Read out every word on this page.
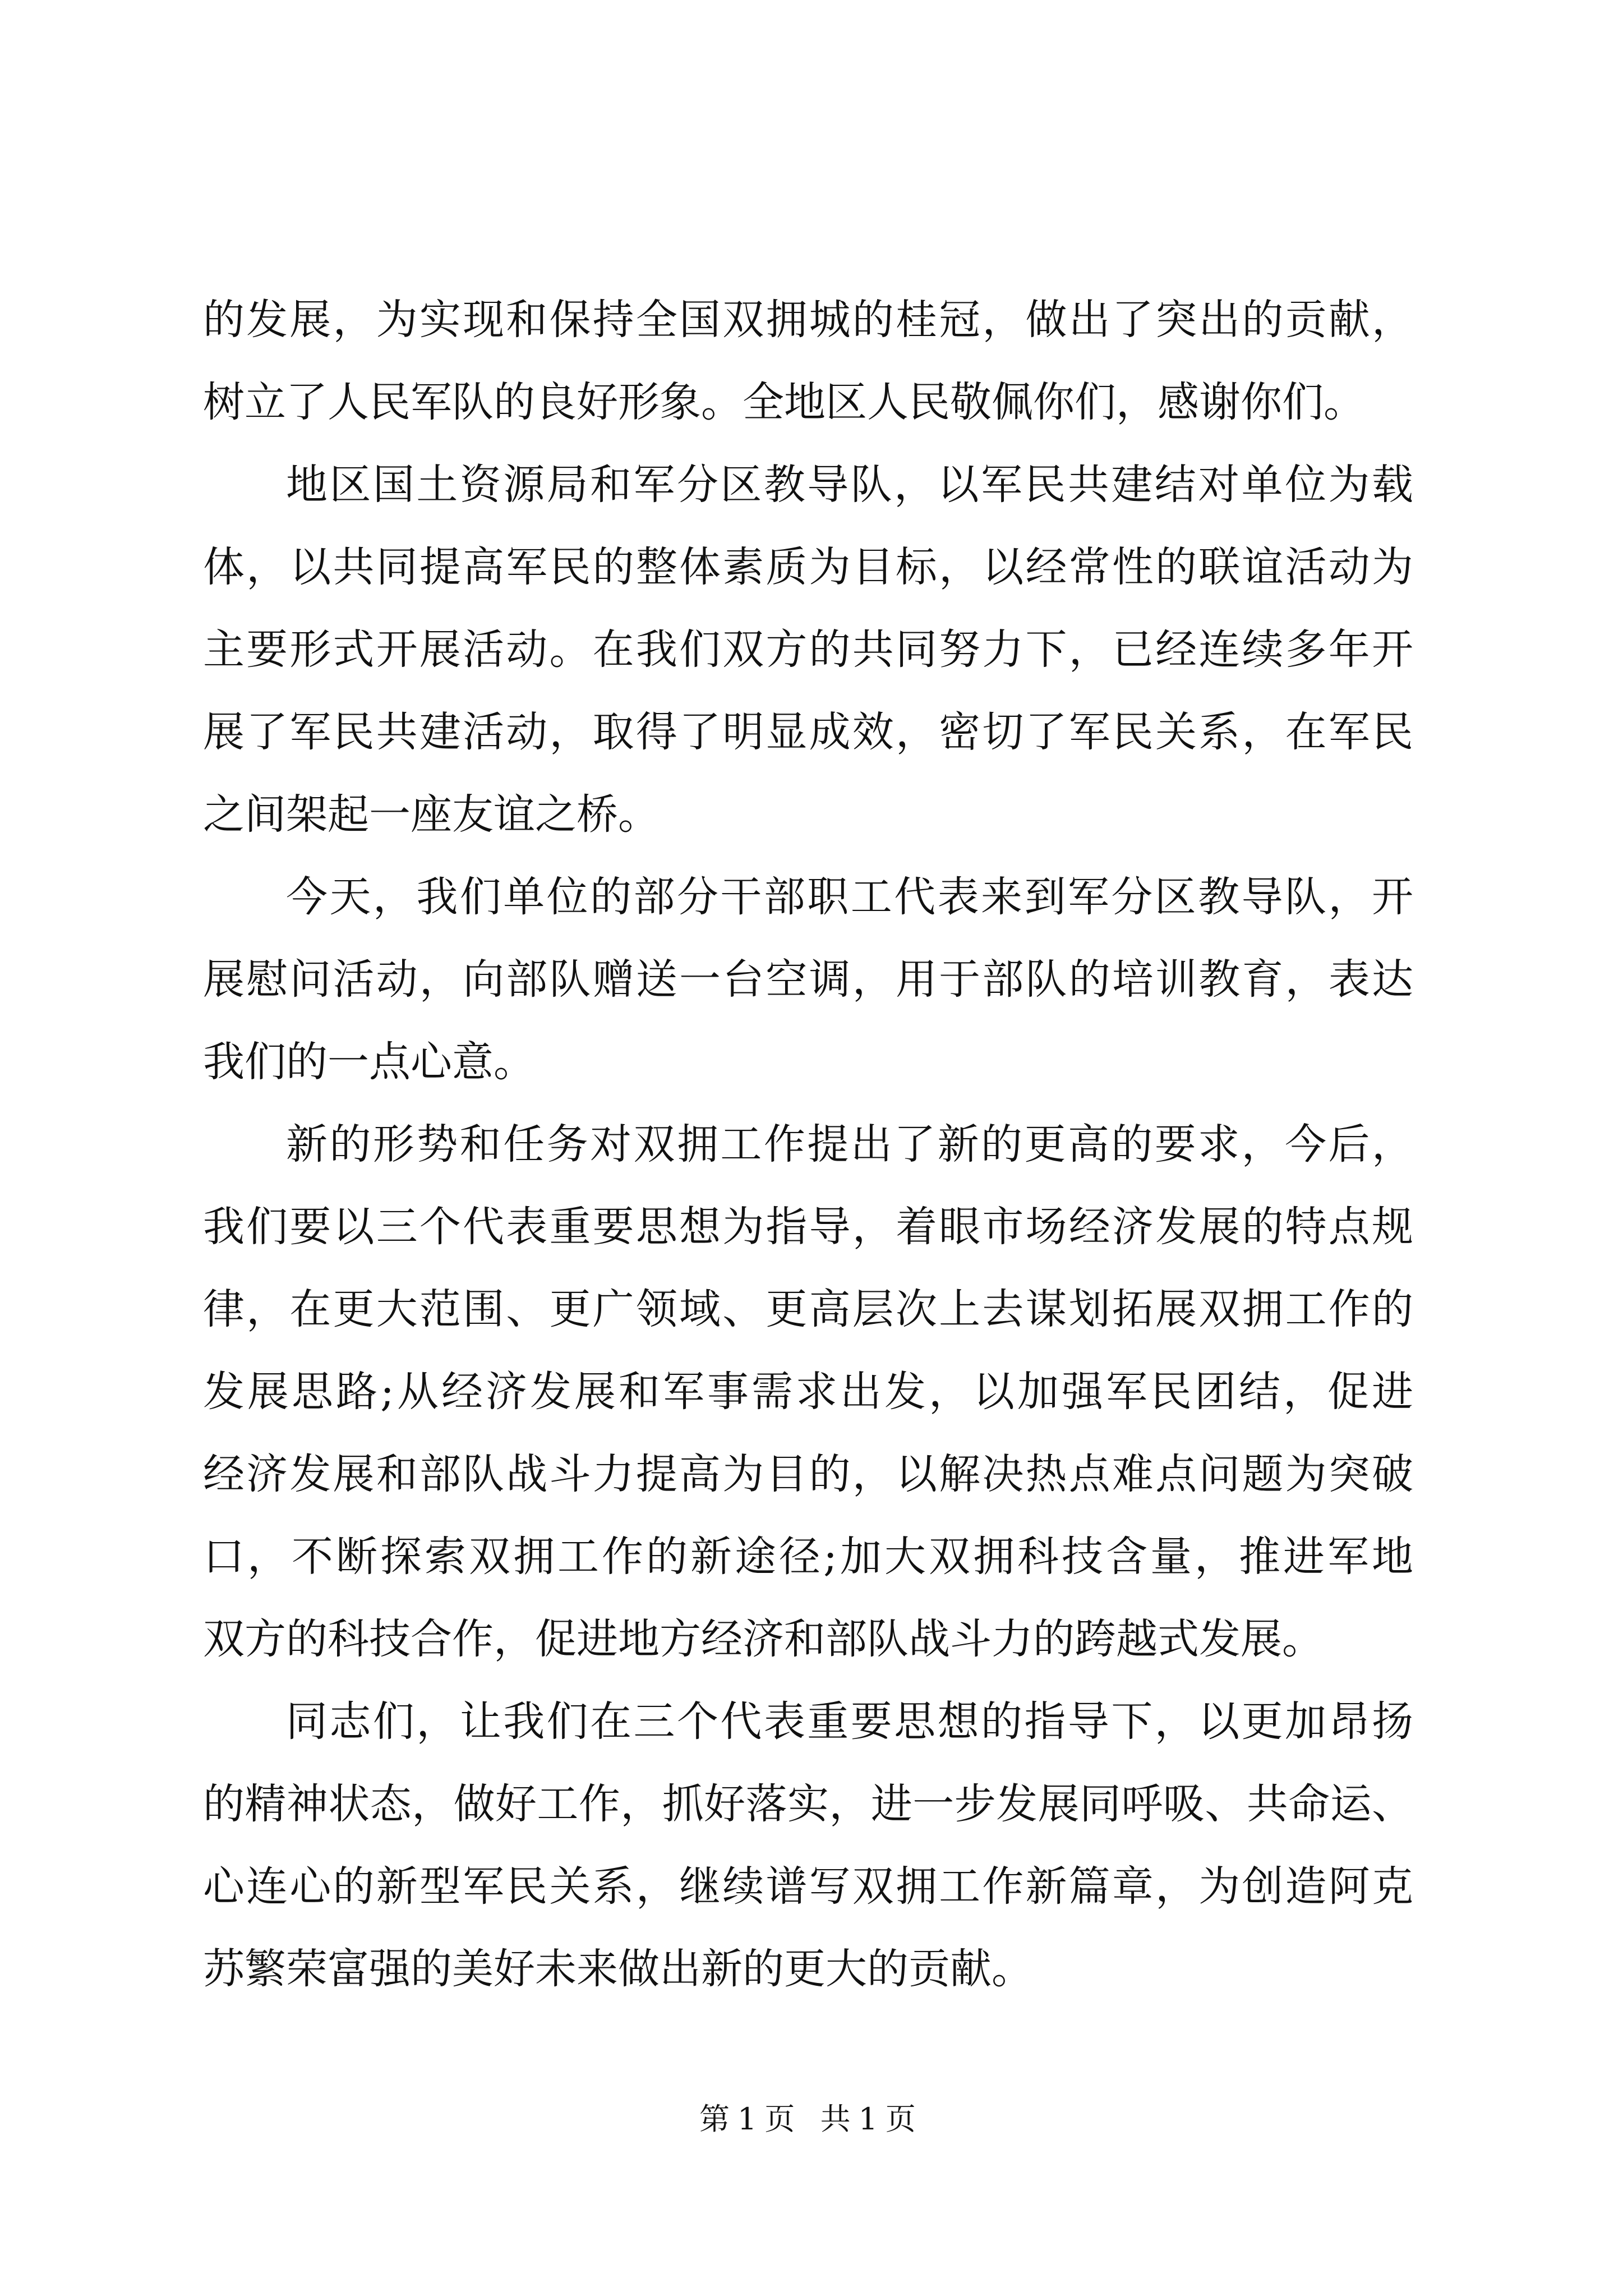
的发展，为实现和保持全国双拥城的桂冠，做出了突出的贡献，
树立了人民军队的良好形象。全地区人民敬佩你们，感谢你们。
地区国土资源局和军分区教导队，以军民共建结对单位为载
体，以共同提高军民的整体素质为目标，以经常性的联谊活动为
主要形式开展活动。在我们双方的共同努力下，已经连续多年开
展了军民共建活动，取得了明显成效，密切了军民关系，在军民
之间架起一座友谊之桥。
今天，我们单位的部分干部职工代表来到军分区教导队，开
展慰问活动，向部队赠送一台空调，用于部队的培训教育，表达
我们的一点心意。
新的形势和任务对双拥工作提出了新的更高的要求，今后，
我们要以三个代表重要思想为指导，着眼市场经济发展的特点规
律，在更大范围、更广领域、更高层次上去谋划拓展双拥工作的
发展思路;从经济发展和军事需求出发，以加强军民团结，促进
经济发展和部队战斗力提高为目的，以解决热点难点问题为突破
口，不断探索双拥工作的新途径;加大双拥科技含量，推进军地
双方的科技合作，促进地方经济和部队战斗力的跨越式发展。
同志们，让我们在三个代表重要思想的指导下，以更加昂扬
的精神状态，做好工作，抓好落实，进一步发展同呼吸、共命运、
心连心的新型军民关系，继续谱写双拥工作新篇章，为创造阿克
苏繁荣富强的美好未来做出新的更大的贡献。
第1页 共1页
